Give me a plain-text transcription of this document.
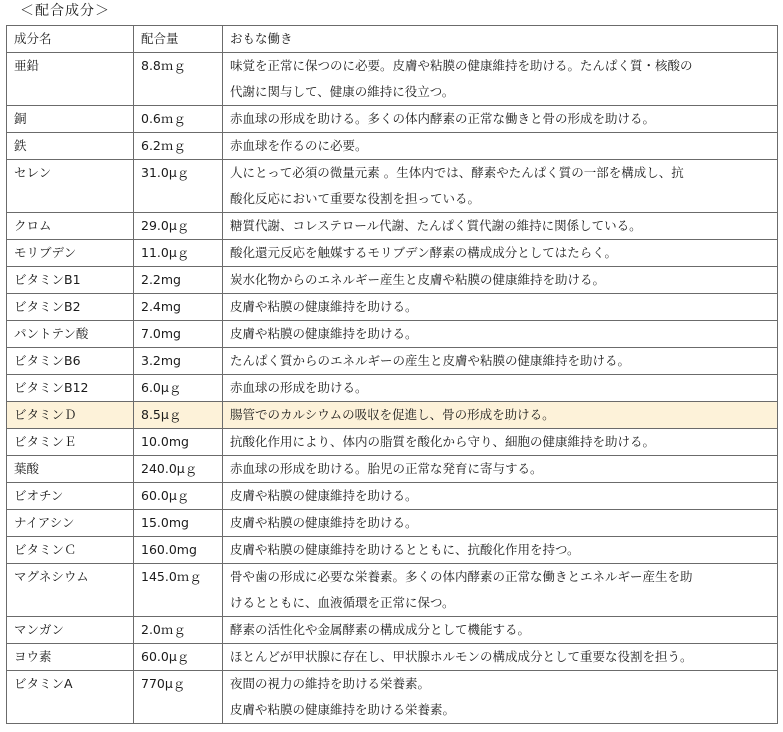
＜配合成分＞
成分名	配合量	おもな働き
亜鉛	8.8ｍｇ	味覚を正常に保つのに必要。皮膚や粘膜の健康維持を助ける。たんぱく質・核酸の
代謝に関与して、健康の維持に役立つ。

銅	0.6ｍｇ	赤血球の形成を助ける。多くの体内酵素の正常な働きと骨の形成を助ける。

鉄	6.2ｍｇ	赤血球を作るのに必要。

セレン	31.0μｇ	人にとって必須の微量元素 。生体内では、酵素やたんぱく質の一部を構成し、抗
酸化反応において重要な役割を担っている。

クロム	29.0μｇ	糖質代謝、コレステロール代謝、たんぱく質代謝の維持に関係している。

モリブデン	11.0μｇ	酸化還元反応を触媒するモリブデン酵素の構成成分としてはたらく。

ビタミンB1	2.2mg	炭水化物からのエネルギー産生と皮膚や粘膜の健康維持を助ける。

ビタミンB2	2.4mg	皮膚や粘膜の健康維持を助ける。

パントテン酸	7.0mg	皮膚や粘膜の健康維持を助ける。

ビタミンB6	3.2mg	たんぱく質からのエネルギーの産生と皮膚や粘膜の健康維持を助ける。

ビタミンB12	6.0μｇ	赤血球の形成を助ける。

ビタミンＤ	8.5μｇ	腸管でのカルシウムの吸収を促進し、骨の形成を助ける。

ビタミンＥ	10.0mg	抗酸化作用により、体内の脂質を酸化から守り、細胞の健康維持を助ける。

葉酸	240.0μｇ	赤血球の形成を助ける。胎児の正常な発育に寄与する。

ビオチン	60.0μｇ	皮膚や粘膜の健康維持を助ける。

ナイアシン	15.0mg	皮膚や粘膜の健康維持を助ける。

ビタミンＣ	160.0mg	皮膚や粘膜の健康維持を助けるとともに、抗酸化作用を持つ。

マグネシウム	145.0ｍｇ	骨や歯の形成に必要な栄養素。多くの体内酵素の正常な働きとエネルギー産生を助
けるとともに、血液循環を正常に保つ。

マンガン	2.0ｍｇ	酵素の活性化や金属酵素の構成成分として機能する。

ヨウ素	60.0μｇ	ほとんどが甲状腺に存在し、甲状腺ホルモンの構成成分として重要な役割を担う。

ビタミンA	770μｇ	夜間の視力の維持を助ける栄養素。
皮膚や粘膜の健康維持を助ける栄養素。
